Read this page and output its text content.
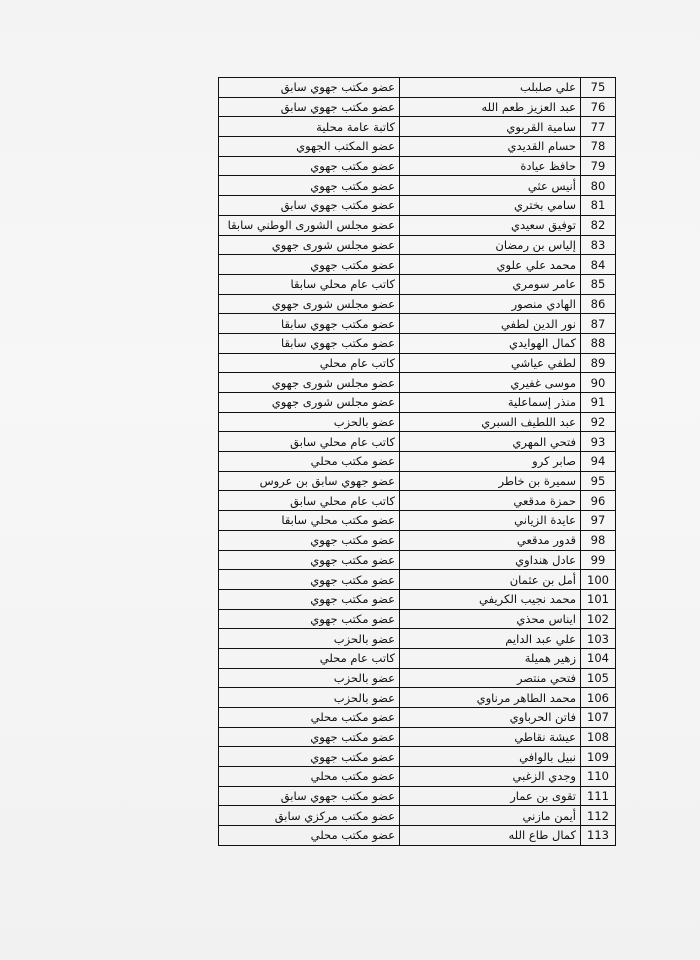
75	علي صلبلب	عضو مكتب جهوي سابق
76	عبد العزيز طعم الله	عضو مكتب جهوي سابق
77	سامية القربوي	كاتبة عامة محلية
78	حسام القديدي	عضو المكتب الجهوي
79	حافظ عيادة	عضو مكتب جهوي
80	أنيس عثي	عضو مكتب جهوي
81	سامي بختري	عضو مكتب جهوي سابق
82	توفيق سعيدي	عضو مجلس الشورى الوطني سابقا
83	إلياس بن رمضان	عضو مجلس شورى جهوي
84	محمد علي علوي	عضو مكتب جهوي
85	عامر سومري	كاتب عام محلي سابقا
86	الهادي منصور	عضو مجلس شورى جهوي
87	نور الدين لطفي	عضو مكتب جهوي سابقا
88	كمال الهوايدي	عضو مكتب جهوي سابقا
89	لطفي عياشي	كاتب عام محلي
90	موسى غفيري	عضو مجلس شورى جهوي
91	منذر إسماعلية	عضو مجلس شورى جهوي
92	عبد اللطيف السبري	عضو بالحزب
93	فتحي المهري	كاتب عام محلي سابق
94	صابر كرو	عضو مكتب محلي
95	سميرة بن خاطر	عضو جهوي سابق بن عروس
96	حمزة مدقعي	كاتب عام محلي سابق
97	عايدة الزياني	عضو مكتب محلي سابقا
98	قدور مدقعي	عضو مكتب جهوي
99	عادل هنداوي	عضو مكتب جهوي
100	أمل بن عثمان	عضو مكتب جهوي
101	محمد نجيب الكريفي	عضو مكتب جهوي
102	ايناس محذي	عضو مكتب جهوي
103	علي عبد الدايم	عضو بالحزب
104	زهير هميلة	كاتب عام محلي
105	فتحي منتصر	عضو بالحزب
106	محمد الطاهر مرناوي	عضو بالحزب
107	فاتن الحرباوي	عضو مكتب محلي
108	عيشة نقاطي	عضو مكتب جهوي
109	نبيل بالوافي	عضو مكتب جهوي
110	وجدي الزغبي	عضو مكتب محلي
111	تقوى بن عمار	عضو مكتب جهوي سابق
112	أيمن مازني	عضو مكتب مركزي سابق
113	كمال طاع الله	عضو مكتب محلي
